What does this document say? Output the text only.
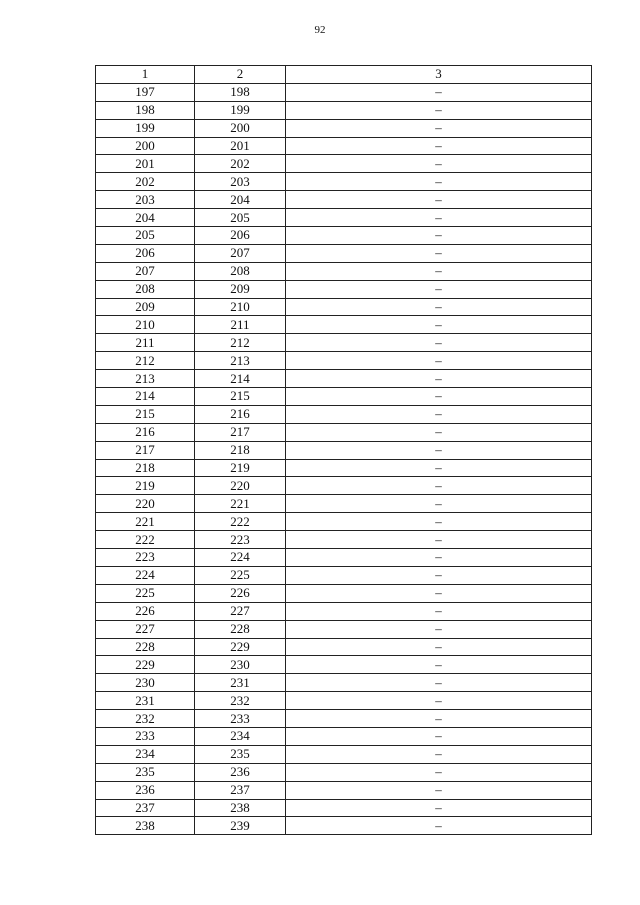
92
1	2	3
197	198	–
198	199	–
199	200	–
200	201	–
201	202	–
202	203	–
203	204	–
204	205	–
205	206	–
206	207	–
207	208	–
208	209	–
209	210	–
210	211	–
211	212	–
212	213	–
213	214	–
214	215	–
215	216	–
216	217	–
217	218	–
218	219	–
219	220	–
220	221	–
221	222	–
222	223	–
223	224	–
224	225	–
225	226	–
226	227	–
227	228	–
228	229	–
229	230	–
230	231	–
231	232	–
232	233	–
233	234	–
234	235	–
235	236	–
236	237	–
237	238	–
238	239	–
